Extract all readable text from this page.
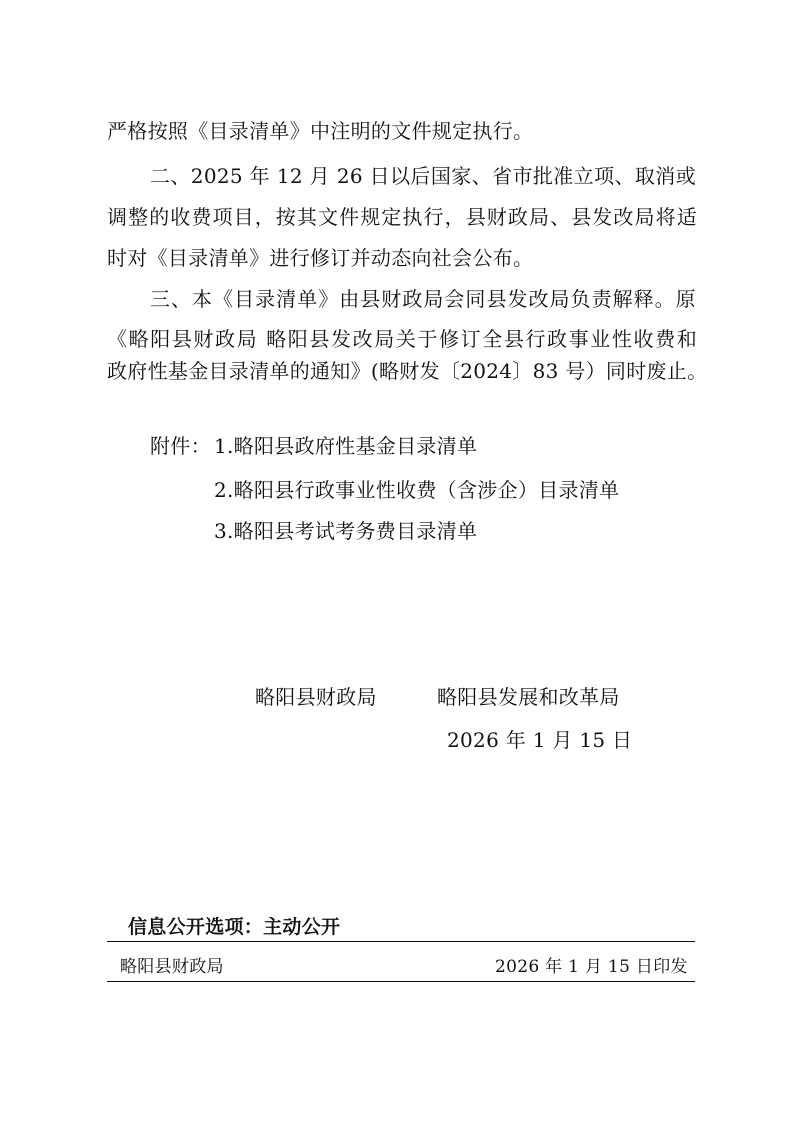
严格按照《目录清单》中注明的文件规定执行。
二、2025 年 12 月 26 日以后国家、省市批准立项、取消或
调整的收费项目，按其文件规定执行，县财政局、县发改局将适
时对《目录清单》进行修订并动态向社会公布。
三、本《目录清单》由县财政局会同县发改局负责解释。原
《略阳县财政局 略阳县发改局关于修订全县行政事业性收费和
政府性基金目录清单的通知》(略财发〔2024〕83 号）同时废止。
附件： 1.略阳县政府性基金目录清单
2.略阳县行政事业性收费（含涉企）目录清单
3.略阳县考试考务费目录清单
略阳县财政局	略阳县发展和改革局
2026 年 1 月 15 日
信息公开选项：主动公开
略阳县财政局	2026 年 1 月 15 日印发
